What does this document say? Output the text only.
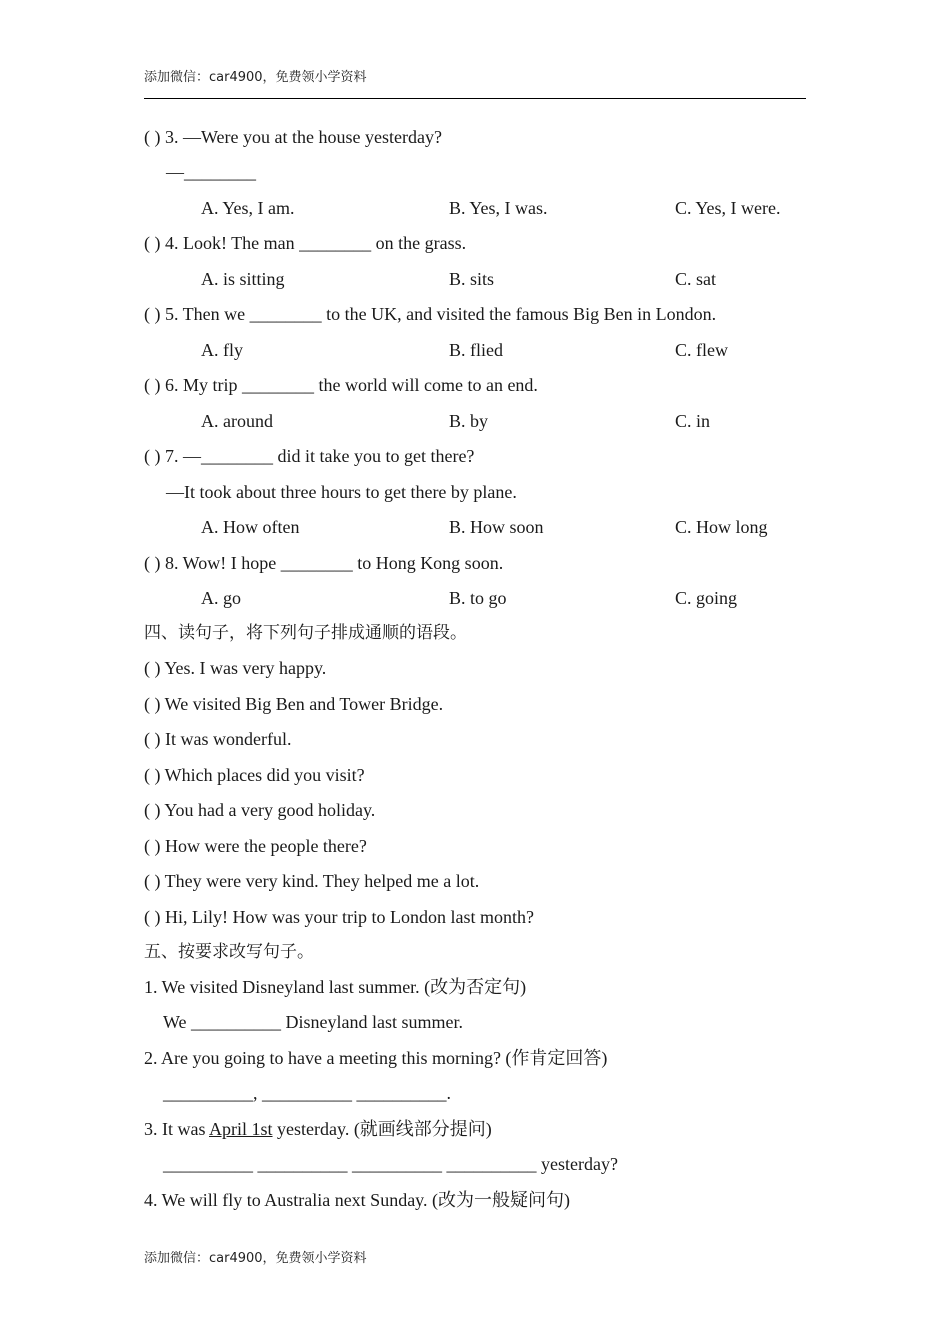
添加微信：car4900，免费领小学资料
( ) 3. —Were you at the house yesterday?
—________
A. Yes, I am.	B. Yes, I was.	C. Yes, I were.
( ) 4. Look! The man ________ on the grass.
A. is sitting	B. sits	C. sat
( ) 5. Then we ________ to the UK, and visited the famous Big Ben in London.
A. fly	B. flied	C. flew
( ) 6. My trip ________ the world will come to an end.
A. around	B. by	C. in
( ) 7. —________ did it take you to get there?
—It took about three hours to get there by plane.
A. How often	B. How soon	C. How long
( ) 8. Wow! I hope ________ to Hong Kong soon.
A. go	B. to go	C. going
四、读句子，将下列句子排成通顺的语段。
( ) Yes. I was very happy.
( ) We visited Big Ben and Tower Bridge.
( ) It was wonderful.
( ) Which places did you visit?
( ) You had a very good holiday.
( ) How were the people there?
( ) They were very kind. They helped me a lot.
( ) Hi, Lily! How was your trip to London last month?
五、按要求改写句子。
1. We visited Disneyland last summer. (改为否定句)
We __________ Disneyland last summer.
2. Are you going to have a meeting this morning? (作肯定回答)
__________, __________ __________.
3. It was April 1st yesterday. (就画线部分提问)
__________ __________ __________ __________ yesterday?
4. We will fly to Australia next Sunday. (改为一般疑问句)
添加微信：car4900，免费领小学资料
